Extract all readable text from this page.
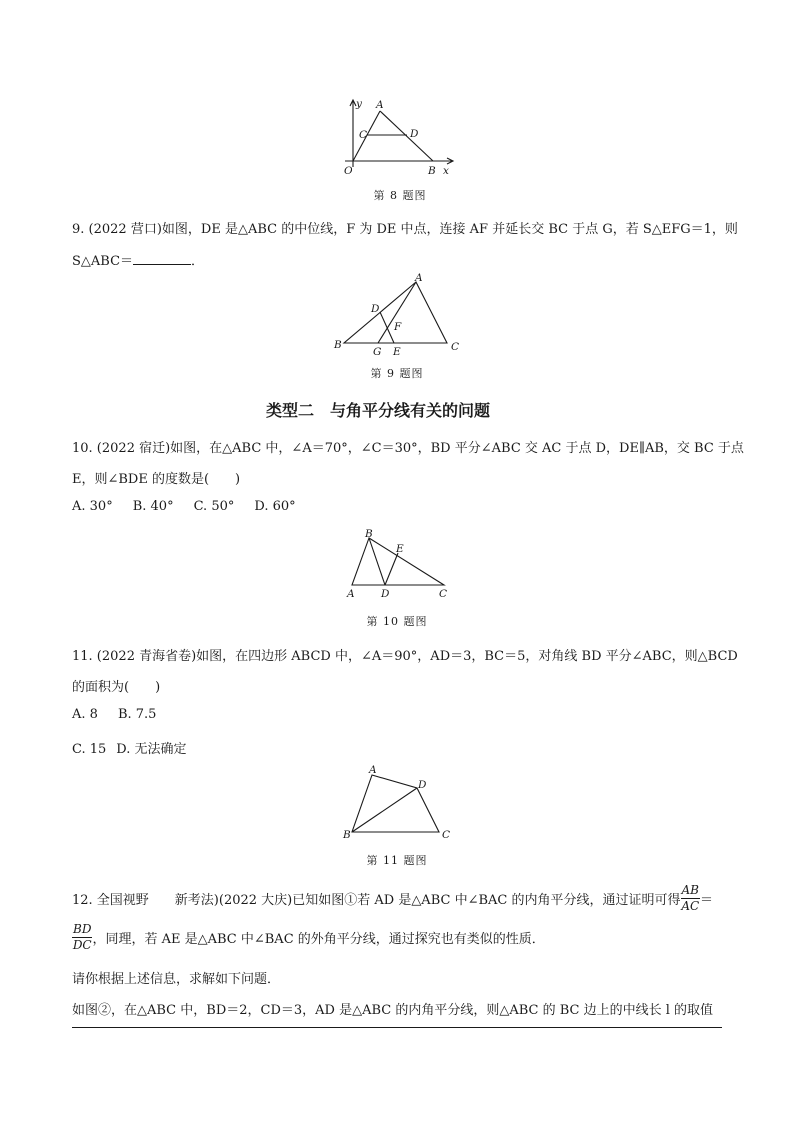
y A
C	D
O	B x
第 8 题图
9. (2022 营口)如图，DE 是△ABC 的中位线，F 为 DE 中点，连接 AF 并延长交 BC 于点 G，若 S△EFG＝1，则
S△ABC＝	．
A
D
F
B	C
G E
第 9 题图
类型二　与角平分线有关的问题
10. (2022 宿迁)如图，在△ABC 中，∠A＝70°，∠C＝30°，BD 平分∠ABC 交 AC 于点 D，DE∥AB，交 BC 于点
E，则∠BDE 的度数是(　　)
A. 30° B. 40° C. 50° D. 60°
B
E
A	D	C
第 10 题图
11. (2022 青海省卷)如图，在四边形 ABCD 中，∠A＝90°，AD＝3，BC＝5，对角线 BD 平分∠ABC，则△BCD
的面积为(　　)
A. 8 B. 7.5
C. 15 D. 无法确定
A
D
B	C
第 11 题图
12. 全国视野　　新考法)(2022 大庆)已知如图①若 AD 是△ABC 中∠BAC 的内角平分线，通过证明可得 $\frac{AB}{AC}$ ＝
$\frac{BD}{DC}$ ，同理，若 AE 是△ABC 中∠BAC 的外角平分线，通过探究也有类似的性质．
请你根据上述信息，求解如下问题．
如图②，在△ABC 中，BD＝2，CD＝3，AD 是△ABC 的内角平分线，则△ABC 的 BC 边上的中线长 l 的取值
